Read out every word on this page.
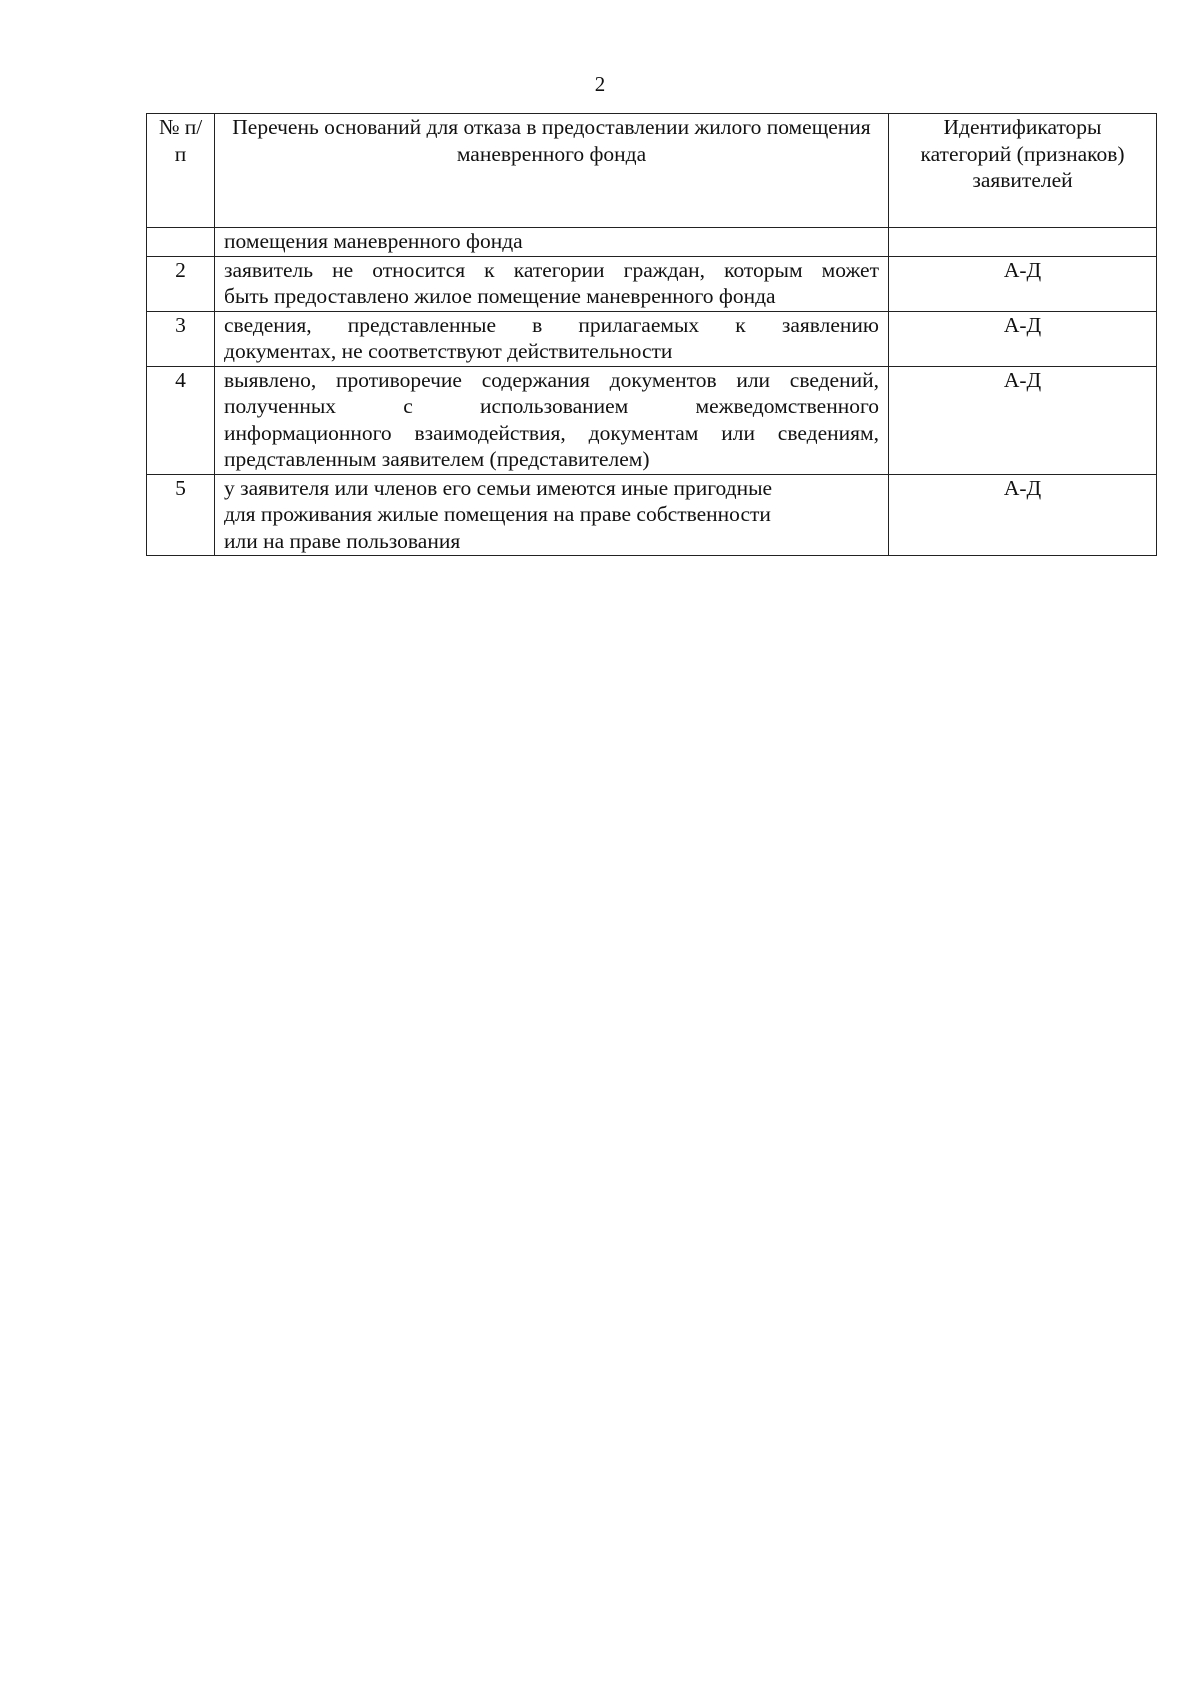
2
№ п/п	Перечень оснований для отказа в предоставлении жилого помещения маневренного фонда	Идентификаторы категорий (признаков) заявителей
	помещения маневренного фонда	
2	заявитель не относится к категории граждан, которым может
быть предоставлено жилое помещение маневренного фонда	А-Д
3	сведения, представленные в прилагаемых к заявлению
документах, не соответствуют действительности	А-Д
4	выявлено, противоречие содержания документов или сведений,
полученных с использованием межведомственного
информационного взаимодействия, документам или сведениям,
представленным заявителем (представителем)	А-Д
5	у заявителя или членов его семьи имеются иные пригодные
для проживания жилые помещения на праве собственности
или на праве пользования	А-Д
